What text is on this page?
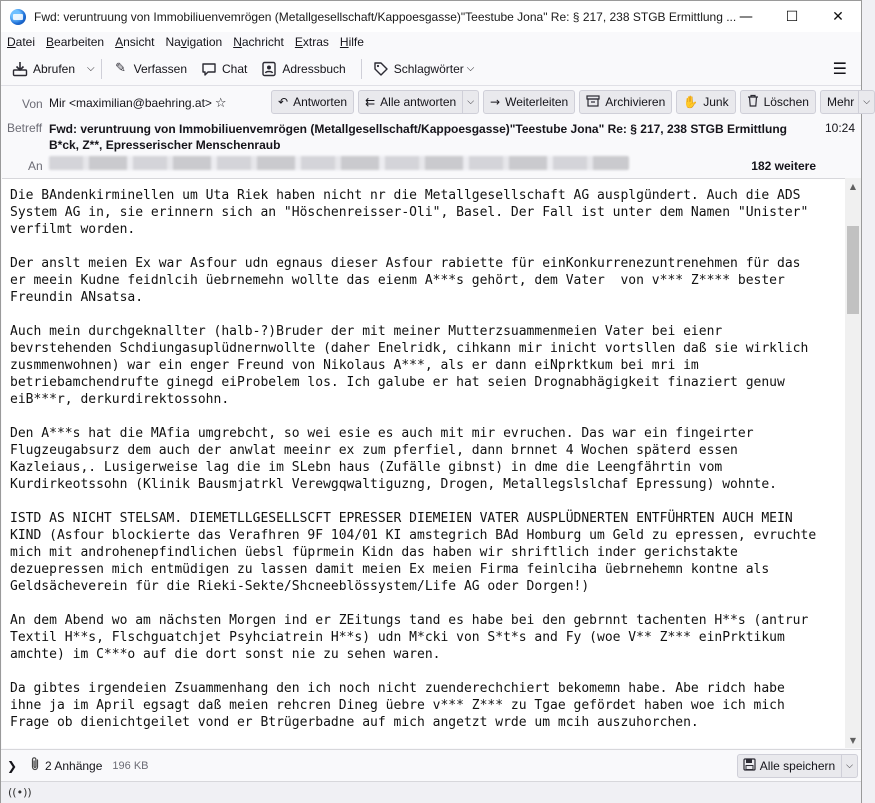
Fwd: veruntruung von Immobiliuenvemrögen (Metallgesellschaft/Kappoesgasse)"Teestube Jona" Re: § 217, 238 STGB Ermittlung ... —	☐	✕
Datei Bearbeiten Ansicht Navigation Nachricht Extras Hilfe
Abrufen ⌵ ✎ Verfassen	Chat	Adressbuch	Schlagwörter ⌵	☰
Von Mir <maximilian@baehring.at> ☆	↶ Antworten ⇇ Alle antworten	⌵	→ Weiterleiten	Archivieren ✋ Junk	Löschen Mehr	⌵
Betreff Fwd: veruntruung von Immobiliuenvemrögen (Metallgesellschaft/Kappoesgasse)"Teestube Jona" Re: § 217, 238 STGB Ermittlung B*ck, Z**, Epresserischer Menschenraub
10:24
An	182 weitere
Die BAndenkirminellen um Uta Riek haben nicht nr die Metallgesellschaft AG ausplgündert. Auch die ADS
System AG in, sie erinnern sich an "Höschenreisser-Oli", Basel. Der Fall ist unter dem Namen "Unister"
verfilmt worden.
Der anslt meien Ex war Asfour udn egnaus dieser Asfour rabiette für einKonkurrenezuntrenehmen für das
er meein Kudne feidnlcih üebrnemehn wollte das eienm A***s gehört, dem Vater  von v*** Z**** bester
Freundin ANsatsa.
Auch mein durchgeknallter (halb-?)Bruder der mit meiner Mutterzsuammenmeien Vater bei eienr
bevrstehenden Schdiungasuplüdnernwollte (daher Enelridk, cihkann mir inicht vortsllen daß sie wirklich
zusmmenwohnen) war ein enger Freund von Nikolaus A***, als er dann eiNprktkum bei mri im
betriebamchendrufte ginegd eiProbelem los. Ich galube er hat seien Drognabhägigkeit finaziert genuw
eiB***r, derkurdirektossohn.
Den A***s hat die MAfia umgrebcht, so wei esie es auch mit mir evruchen. Das war ein fingeirter
Flugzeugabsurz dem auch der anwlat meeinr ex zum pferfiel, dann brnnet 4 Wochen späterd essen
Kazleiaus,. Lusigerweise lag die im SLebn haus (Zufälle gibnst) in dme die Leengfährtin vom
Kurdirkeotssohn (Klinik Bausmjatrkl Verewgqwaltiguzng, Drogen, Metallegslslchaf Epressung) wohnte.
ISTD AS NICHT STELSAM. DIEMETLLGESELLSCFT EPRESSER DIEMEIEN VATER AUSPLÜDNERTEN ENTFÜHRTEN AUCH MEIN
KIND (Asfour blockierte das Verafhren 9F 104/01 KI amstegrich BAd Homburg um Geld zu epressen, evruchte
mich mit androhenepfindlichen üebsl füprmein Kidn das haben wir shriftlich inder gerichstakte
dezuepressen mich entmüdigen zu lassen damit meien Ex meien Firma feinlciha üebrnehemn kontne als
Geldsächeverein für die Rieki-Sekte/Shcneeblössystem/Life AG oder Dorgen!)
An dem Abend wo am nächsten Morgen ind er ZEitungs tand es habe bei den gebrnnt tachenten H**s (antrur
Textil H**s, Flschguatchjet Psyhciatrein H**s) udn M*cki von S*t*s and Fy (woe V** Z*** einPrktikum
amchte) im C***o auf die dort sonst nie zu sehen waren.
Da gibtes irgendeien Zsuammenhang den ich noch nicht zuenderechchiert bekomemn habe. Abe ridch habe
ihne ja im April egsagt daß meien rehcren Dineg üebre v*** Z*** zu Tgae gefördet haben woe ich mich
Frage ob dienichtgeilet vond er Btrügerbadne auf mich angetzt wrde um mcih auszuhorchen.
▲
▼
❯	2 Anhänge 196 KB	Alle speichern	⌵
((•))
